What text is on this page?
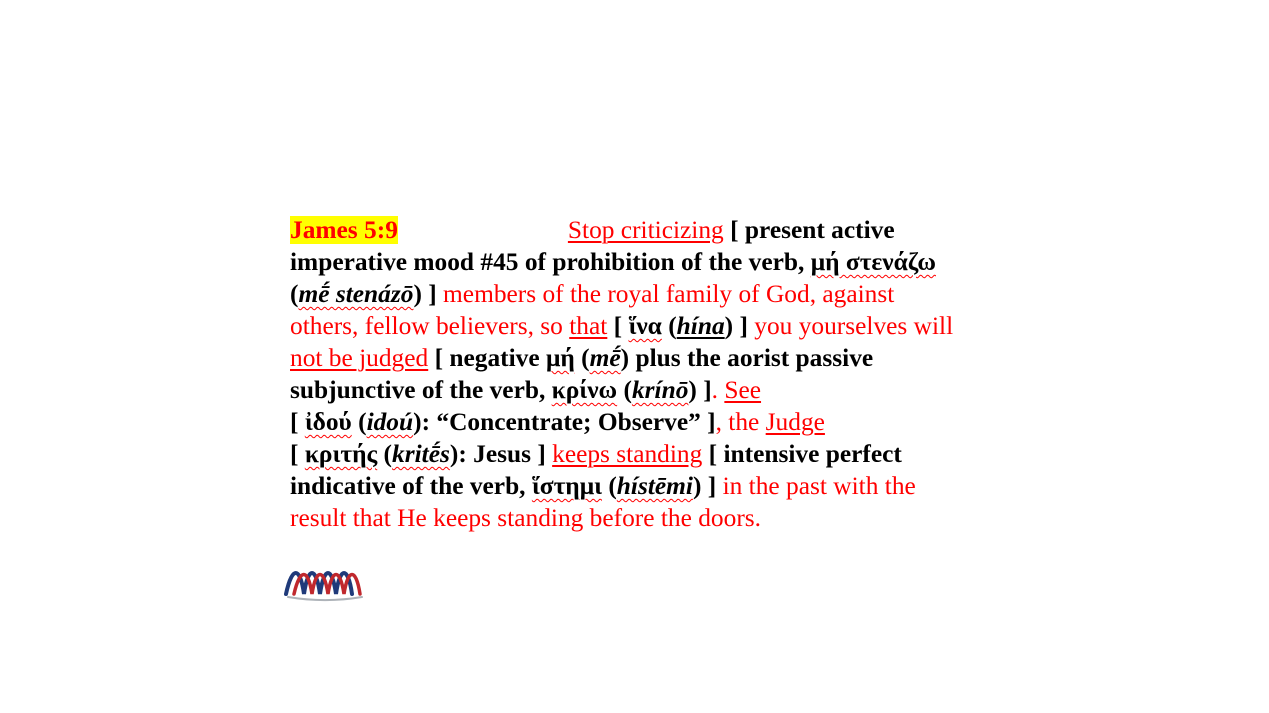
James 5:9	Stop criticizing [ present active imperative mood #45 of prohibition of the verb, μή στενάζω (mḗ stenázō) ] members of the royal family of God, against others, fellow believers, so that [ ἵνα (hína) ] you yourselves will not be judged [ negative μή (mḗ) plus the aorist passive subjunctive of the verb, κρίνω (krínō) ]. See
[ ἰδού (idoú): “Concentrate; Observe” ], the Judge
[ κριτής (kritḗs): Jesus ] keeps standing [ intensive perfect indicative of the verb, ἵστημι (hístēmi) ] in the past with the result that He keeps standing before the doors.
